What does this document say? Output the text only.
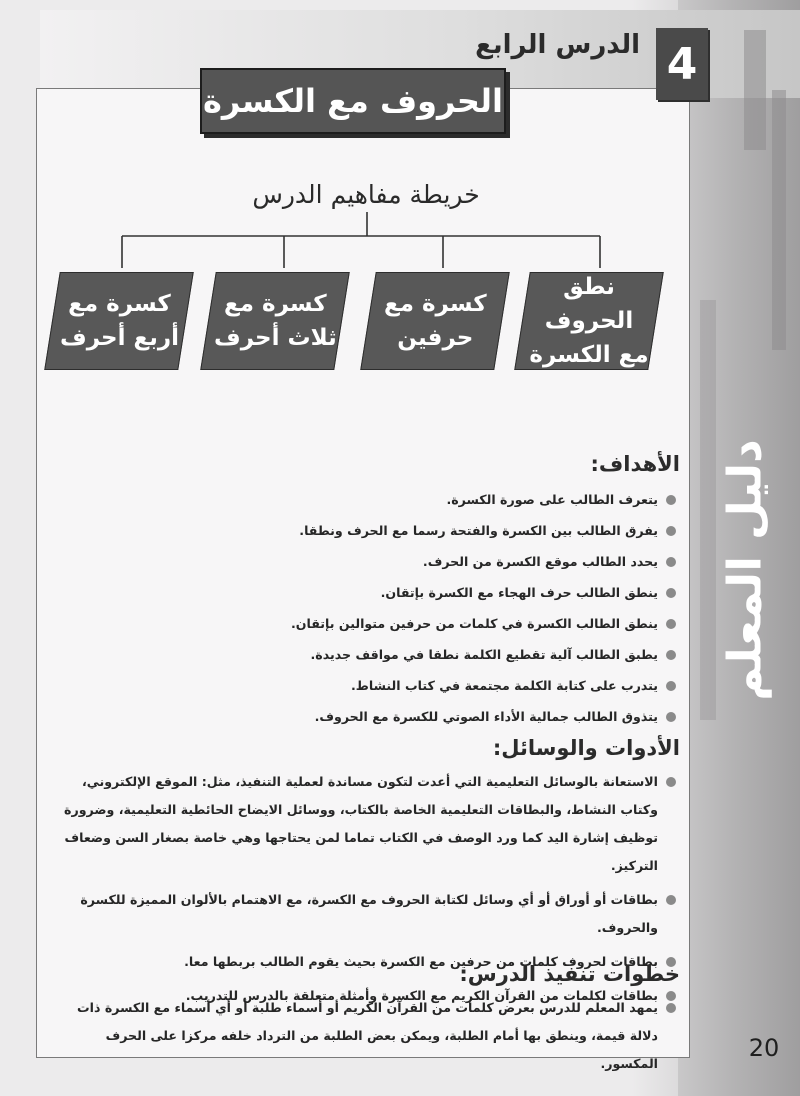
دليل المعلم
4
الدرس الرابع
الحروف مع الكسرة
خريطة مفاهيم الدرس
نطق الحروف
مع الكسرة
كسرة مع
حرفين
كسرة مع
ثلاث أحرف
كسرة مع
أربع أحرف
الأهداف:
يتعرف الطالب على صورة الكسرة.
يفرق الطالب بين الكسرة والفتحة رسما مع الحرف ونطقا.
يحدد الطالب موقع الكسرة من الحرف.
ينطق الطالب حرف الهجاء مع الكسرة بإتقان.
ينطق الطالب الكسرة في كلمات من حرفين متوالين بإتقان.
يطبق الطالب آلية تقطيع الكلمة نطقا في مواقف جديدة.
يتدرب على كتابة الكلمة مجتمعة في كتاب النشاط.
يتذوق الطالب جمالية الأداء الصوتي للكسرة مع الحروف.
الأدوات والوسائل:
الاستعانة بالوسائل التعليمية التي أعدت لتكون مساندة لعملية التنفيذ، مثل: الموقع الإلكتروني، وكتاب النشاط، والبطاقات التعليمية الخاصة بالكتاب، ووسائل الايضاح الحائطية التعليمية، وضرورة توظيف إشارة اليد كما ورد الوصف في الكتاب تماما لمن يحتاجها وهي خاصة بصغار السن وضعاف التركيز.
بطاقات أو أوراق أو أي وسائل لكتابة الحروف مع الكسرة، مع الاهتمام بالألوان المميزة للكسرة والحروف.
بطاقات لحروف كلمات من حرفين مع الكسرة بحيث يقوم الطالب بربطها معا.
بطاقات لكلمات من القرآن الكريم مع الكسرة وأمثلة متعلقة بالدرس للتدريب.
خطوات تنفيذ الدرس:
يمهد المعلم للدرس بعرض كلمات من القرآن الكريم أو أسماء طلبة أو أي أسماء مع الكسرة ذات دلالة قيمة، وينطق بها أمام الطلبة، ويمكن بعض الطلبة من الترداد خلفه مركزا على الحرف المكسور.
20
